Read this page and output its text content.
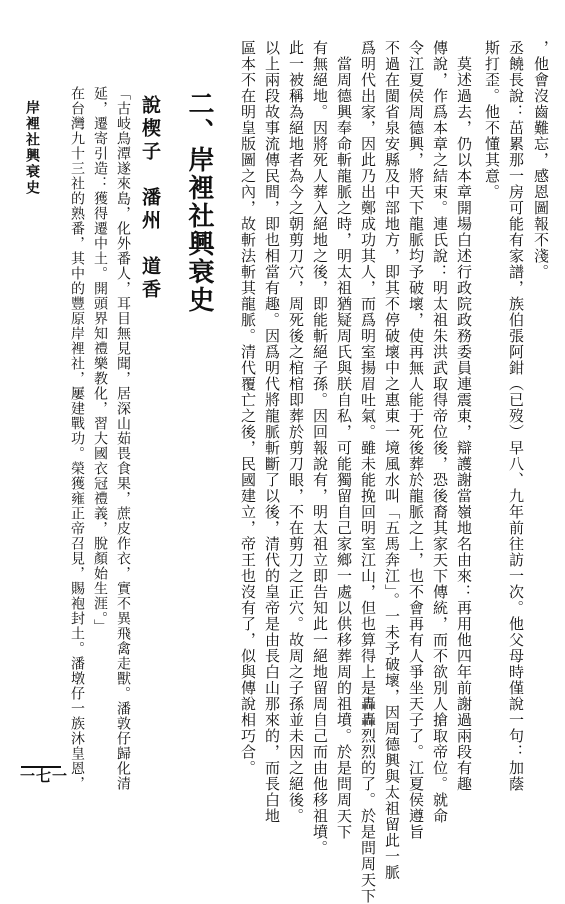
，他會沒齒難忘，感恩圖報不淺。
丞饒長說：茁累那一房可能有家譜，族伯張阿鉗（已歿）早八、九年前往訪一次。他父母時僅說一句：加蔭
斯打歪。他不懂其意。
　莫述過去，仍以本章開場白述行政院政務委員連震東，辯護謝當嶺地名由來：再用他四年前謝過兩段有趣
傳說，作爲本章之結束。連氏說：明太祖朱洪武取得帝位後，恐後裔其家天下傳統，而不欲別人搶取帝位。就命
令江夏侯周德興，將天下龍脈均予破壞，使再無人能于死後葬於龍脈之上，也不會再有人爭坐天子了。江夏侯遵旨
不過在閩省泉安縣及中部地方，即其不停破壞中之惠東一境風水叫「五馬奔江」。一未予破壞，因周德興與太祖留此一脈
爲明代出家，因此乃出鄭成功其人，而爲明室揚眉吐氣。雖未能挽回明室江山，但也算得上是轟轟烈烈的了。於是問周天下
　當周德興奉命斬龍脈之時，明太祖猶疑周氏與朕自私，可能獨留自己家鄉一處以供移葬周的祖墳。於是問周天下
有無絕地。因將死人葬入絕地之後，即能斬絕子孫。因回報說有，明太祖立即告知此一絕地留周自己而由他移祖墳。
此一被稱為絕地者為今之朝剪刀穴，周死後之棺棺即葬於剪刀眼，不在剪刀之正穴。故周之子孫並未因之絕後。
以上兩段故事流傳民間，即也相當有趣。因爲明代將龍脈斬斷了以後，清代的皇帝是由長白山那來的，而長白地
區本不在明皇版圖之內，故斬法斬其龍脈。清代覆亡之後，民國建立，帝王也沒有了，似與傳說相巧合。
二、岸裡社興衰史
說楔子　潘州　道香
「古岐鳥潭遂來島，化外番人，耳目無見聞，居深山茹畏食果，蔗皮作衣，實不異飛禽走獸。潘敦仔歸化清
延，遷寄引造：獲得遷中土。開頭界知禮樂教化，習大國衣冠禮義，脫顏始生涯。」
在台灣九十三社的熟番，其中的豐原岸裡社，屢建戰功。榮獲雍正帝召見，賜袍封土。潘墩仔一族沐皇恩，
岸裡社興衰史
一七一
